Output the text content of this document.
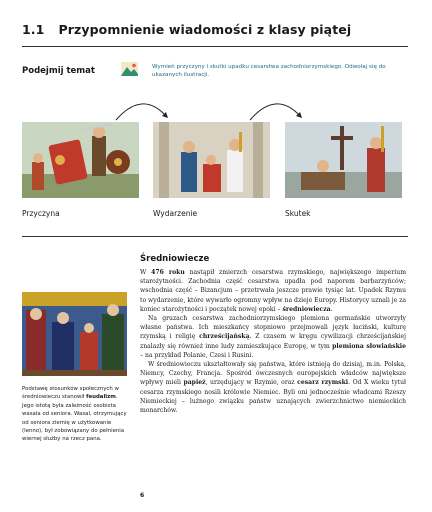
1.1 Przypomnienie wiadomości z klasy piątej
Podejmij temat	Wymień przyczyny i skutki upadku cesarstwa zachodniorzymskiego. Odwołaj się do ukazanych ilustracji.
Przyczyna	Wydarzenie	Skutek
Średniowiecze

W 476 roku nastąpił zmierzch cesarstwa rzymskiego, największego imperium starożytności. Zachodnia część cesarstwa upadła pod naporem barbarzyńców; wschodnia część – Bizancjum – przetrwała jeszcze prawie tysiąc lat. Upadek Rzymu to wydarzenie, które wywarło ogromny wpływ na dzieje Europy. Historycy uznali je za koniec starożytności i początek nowej epoki – średniowiecza.

Na gruzach cesarstwa zachodniorzymskiego plemiona germańskie utworzyły własne państwa. Ich mieszkańcy stopniowo przejmowali język łaciński, kulturę rzymską i religię chrześcijańską. Z czasem w kręgu cywilizacji chrześcijańskiej znalazły się również inne ludy zamieszkujące Europę, w tym plemiona słowiańskie – na przykład Polanie, Czesi i Rusini.

W średniowieczu ukształtowały się państwa, które istnieją do dzisiaj, m.in. Polska, Niemcy, Czechy, Francja. Spośród ówczesnych europejskich władców największe wpływy mieli papież, urzędujący w Rzymie, oraz cesarz rzymski. Od X wieku tytuł cesarza rzymskiego nosili królowie Niemiec. Byli oni jednocześnie władcami Rzeszy Niemieckiej – luźnego związku państw uznających zwierzchnictwo niemieckich monarchów.

Podstawę stosunków społecznych w średniowieczu stanowił feudalizm. Jego istotą była zależność osobista wasala od seniora. Wasal, otrzymujący od seniora ziemię w użytkowanie (lenno), był zobowiązany do pełnienia wiernej służby na rzecz pana.
6
